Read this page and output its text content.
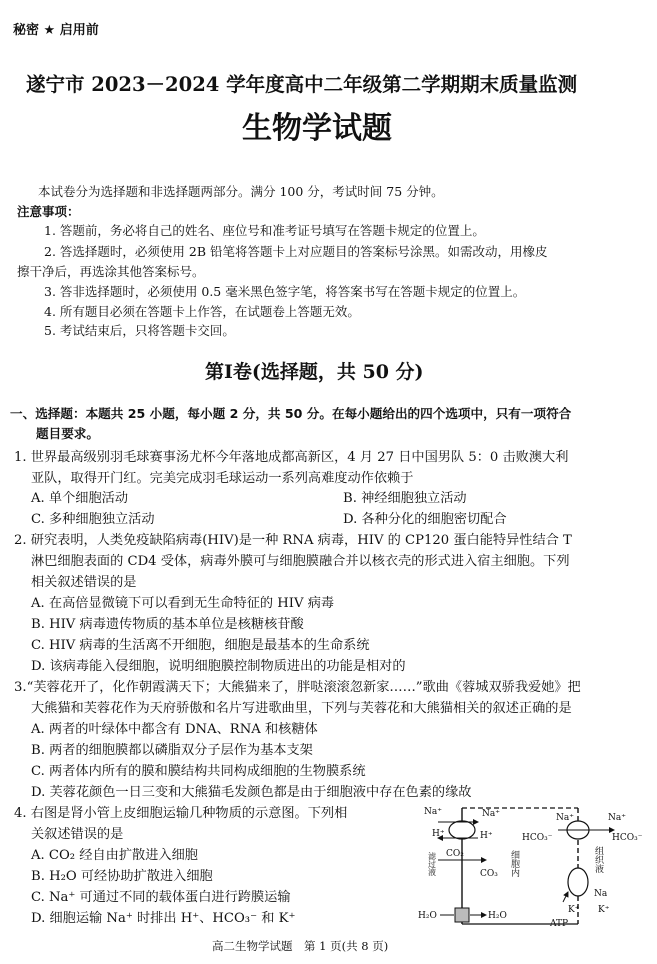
秘密 ★ 启用前
遂宁市 2023－2024 学年度高中二年级第二学期期末质量监测
生物学试题
本试卷分为选择题和非选择题两部分。满分 100 分，考试时间 75 分钟。
注意事项：
1. 答题前，务必将自己的姓名、座位号和准考证号填写在答题卡规定的位置上。
2. 答选择题时，必须使用 2B 铅笔将答题卡上对应题目的答案标号涂黑。如需改动，用橡皮
擦干净后，再选涂其他答案标号。
3. 答非选择题时，必须使用 0.5 毫米黑色签字笔，将答案书写在答题卡规定的位置上。
4. 所有题目必须在答题卡上作答，在试题卷上答题无效。
5. 考试结束后，只将答题卡交回。
第Ⅰ卷(选择题，共 50 分)
一、选择题：本题共 25 小题，每小题 2 分，共 50 分。在每小题给出的四个选项中，只有一项符合
题目要求。
1. 世界最高级别羽毛球赛事汤尤杯今年落地成都高新区，4 月 27 日中国男队 5：0 击败澳大利
亚队，取得开门红。完美完成羽毛球运动一系列高难度动作依赖于
A. 单个细胞活动	B. 神经细胞独立活动
C. 多种细胞独立活动	D. 各种分化的细胞密切配合
2. 研究表明，人类免疫缺陷病毒(HIV)是一种 RNA 病毒，HIV 的 CP120 蛋白能特异性结合 T
淋巴细胞表面的 CD4 受体，病毒外膜可与细胞膜融合并以核衣壳的形式进入宿主细胞。下列
相关叙述错误的是
A. 在高倍显微镜下可以看到无生命特征的 HIV 病毒
B. HIV 病毒遗传物质的基本单位是核糖核苷酸
C. HIV 病毒的生活离不开细胞，细胞是最基本的生命系统
D. 该病毒能入侵细胞，说明细胞膜控制物质进出的功能是相对的
3.“芙蓉花开了，化作朝霞满天下；大熊猫来了，胖哒滚滚忽新家……”歌曲《蓉城双骄我爱她》把
大熊猫和芙蓉花作为天府骄傲和名片写进歌曲里，下列与芙蓉花和大熊猫相关的叙述正确的是
A. 两者的叶绿体中都含有 DNA、RNA 和核糖体
B. 两者的细胞膜都以磷脂双分子层作为基本支架
C. 两者体内所有的膜和膜结构共同构成细胞的生物膜系统
D. 芙蓉花颜色一日三变和大熊猫毛发颜色都是由于细胞液中存在色素的缘故
4. 右图是肾小管上皮细胞运输几种物质的示意图。下列相
关叙述错误的是
A. CO₂ 经自由扩散进入细胞
B. H₂O 可经协助扩散进入细胞
C. Na⁺ 可通过不同的载体蛋白进行跨膜运输
D. 细胞运输 Na⁺ 时排出 H⁺、HCO₃⁻ 和 K⁺
Na⁺	Na⁺
H⁺	H⁺
Na⁺	Na⁺
HCO₃⁻	HCO₃⁻
滤过液 CO₂
CO₃ 细胞内	组织液
Na
K⁺ K⁺
ATP
H₂O	H₂O
高二生物学试题　第 1 页(共 8 页)
